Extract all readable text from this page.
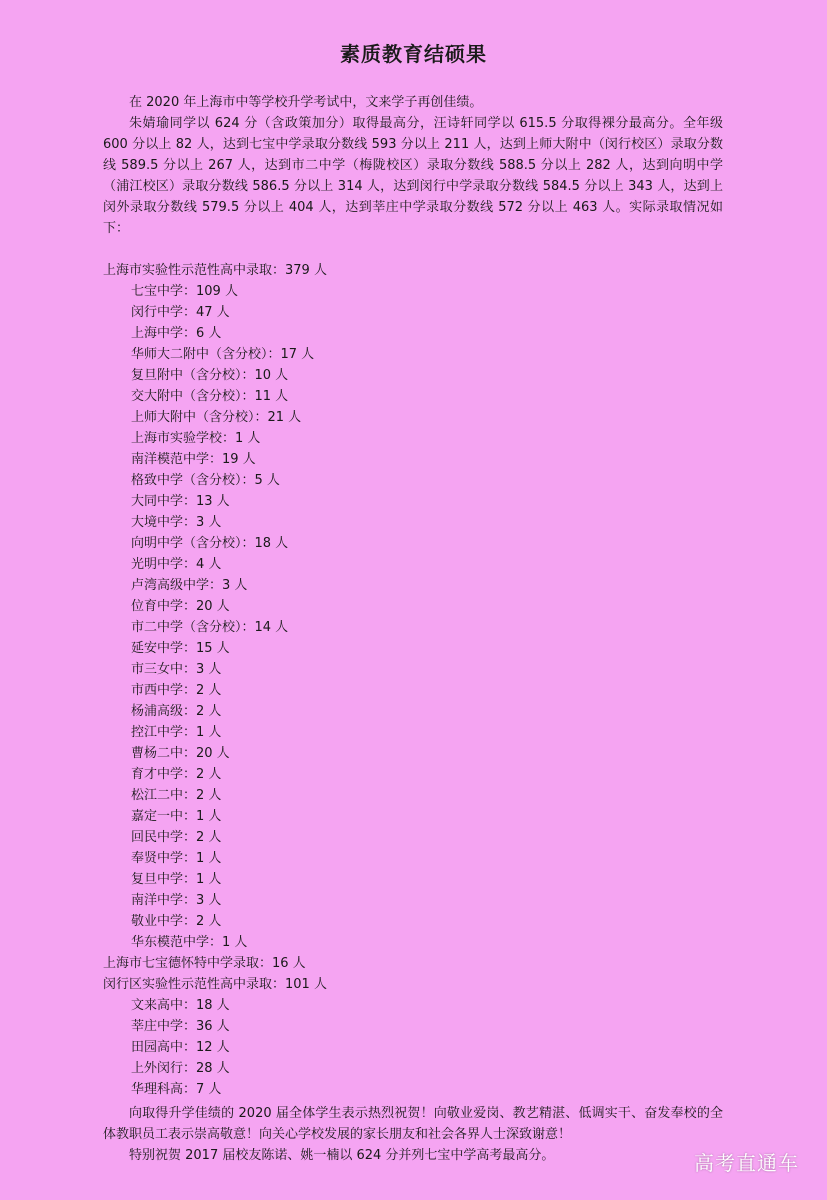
素质教育结硕果

在 2020 年上海市中等学校升学考试中，文来学子再创佳绩。

朱婧瑜同学以 624 分（含政策加分）取得最高分，汪诗轩同学以 615.5 分取得裸分最高分。全年级 600 分以上 82 人，达到七宝中学录取分数线 593 分以上 211 人，达到上师大附中（闵行校区）录取分数线 589.5 分以上 267 人，达到市二中学（梅陇校区）录取分数线 588.5 分以上 282 人，达到向明中学（浦江校区）录取分数线 586.5 分以上 314 人，达到闵行中学录取分数线 584.5 分以上 343 人，达到上闵外录取分数线 579.5 分以上 404 人，达到莘庄中学录取分数线 572 分以上 463 人。实际录取情况如下：

上海市实验性示范性高中录取：379 人
七宝中学：109 人
闵行中学：47 人
上海中学：6 人
华师大二附中（含分校）：17 人
复旦附中（含分校）：10 人
交大附中（含分校）：11 人
上师大附中（含分校）：21 人
上海市实验学校：1 人
南洋模范中学：19 人
格致中学（含分校）：5 人
大同中学：13 人
大境中学：3 人
向明中学（含分校）：18 人
光明中学：4 人
卢湾高级中学：3 人
位育中学：20 人
市二中学（含分校）：14 人
延安中学：15 人
市三女中：3 人
市西中学：2 人
杨浦高级：2 人
控江中学：1 人
曹杨二中：20 人
育才中学：2 人
松江二中：2 人
嘉定一中：1 人
回民中学：2 人
奉贤中学：1 人
复旦中学：1 人
南洋中学：3 人
敬业中学：2 人
华东模范中学：1 人
上海市七宝德怀特中学录取：16 人
闵行区实验性示范性高中录取：101 人
文来高中：18 人
莘庄中学：36 人
田园高中：12 人
上外闵行：28 人
华理科高：7 人

向取得升学佳绩的 2020 届全体学生表示热烈祝贺！向敬业爱岗、教艺精湛、低调实干、奋发奉校的全体教职员工表示崇高敬意！向关心学校发展的家长朋友和社会各界人士深致谢意！

特别祝贺 2017 届校友陈诺、姚一楠以 624 分并列七宝中学高考最高分。	高考直通车
